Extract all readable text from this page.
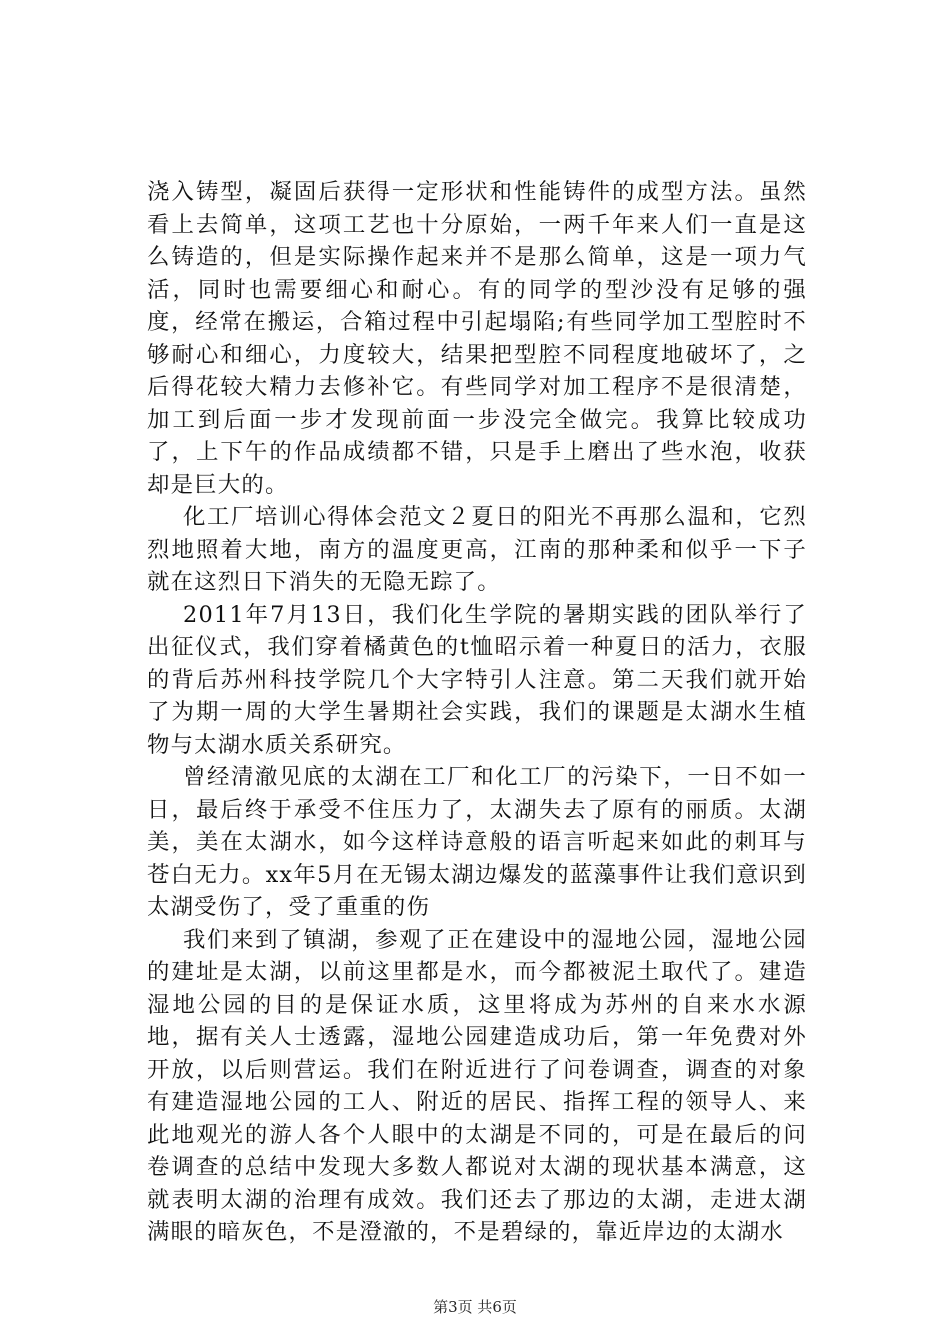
浇入铸型，凝固后获得一定形状和性能铸件的成型方法。虽然看上去简单，这项工艺也十分原始，一两千年来人们一直是这么铸造的，但是实际操作起来并不是那么简单，这是一项力气活，同时也需要细心和耐心。有的同学的型沙没有足够的强度，经常在搬运，合箱过程中引起塌陷;有些同学加工型腔时不够耐心和细心，力度较大，结果把型腔不同程度地破坏了，之后得花较大精力去修补它。有些同学对加工程序不是很清楚，加工到后面一步才发现前面一步没完全做完。我算比较成功了，上下午的作品成绩都不错，只是手上磨出了些水泡，收获却是巨大的。

化工厂培训心得体会范文２夏日的阳光不再那么温和，它烈烈地照着大地，南方的温度更高，江南的那种柔和似乎一下子就在这烈日下消失的无隐无踪了。

2011年7月13日，我们化生学院的暑期实践的团队举行了出征仪式，我们穿着橘黄色的t恤昭示着一种夏日的活力，衣服的背后苏州科技学院几个大字特引人注意。第二天我们就开始了为期一周的大学生暑期社会实践，我们的课题是太湖水生植物与太湖水质关系研究。

曾经清澈见底的太湖在工厂和化工厂的污染下，一日不如一日，最后终于承受不住压力了，太湖失去了原有的丽质。太湖美，美在太湖水，如今这样诗意般的语言听起来如此的刺耳与苍白无力。xx年5月在无锡太湖边爆发的蓝藻事件让我们意识到太湖受伤了，受了重重的伤

我们来到了镇湖，参观了正在建设中的湿地公园，湿地公园的建址是太湖，以前这里都是水，而今都被泥土取代了。建造湿地公园的目的是保证水质，这里将成为苏州的自来水水源地，据有关人士透露，湿地公园建造成功后，第一年免费对外开放，以后则营运。我们在附近进行了问卷调查，调查的对象有建造湿地公园的工人、附近的居民、指挥工程的领导人、来此地观光的游人各个人眼中的太湖是不同的，可是在最后的问卷调查的总结中发现大多数人都说对太湖的现状基本满意，这就表明太湖的治理有成效。我们还去了那边的太湖，走进太湖满眼的暗灰色，不是澄澈的，不是碧绿的，靠近岸边的太湖水

第3页 共6页
